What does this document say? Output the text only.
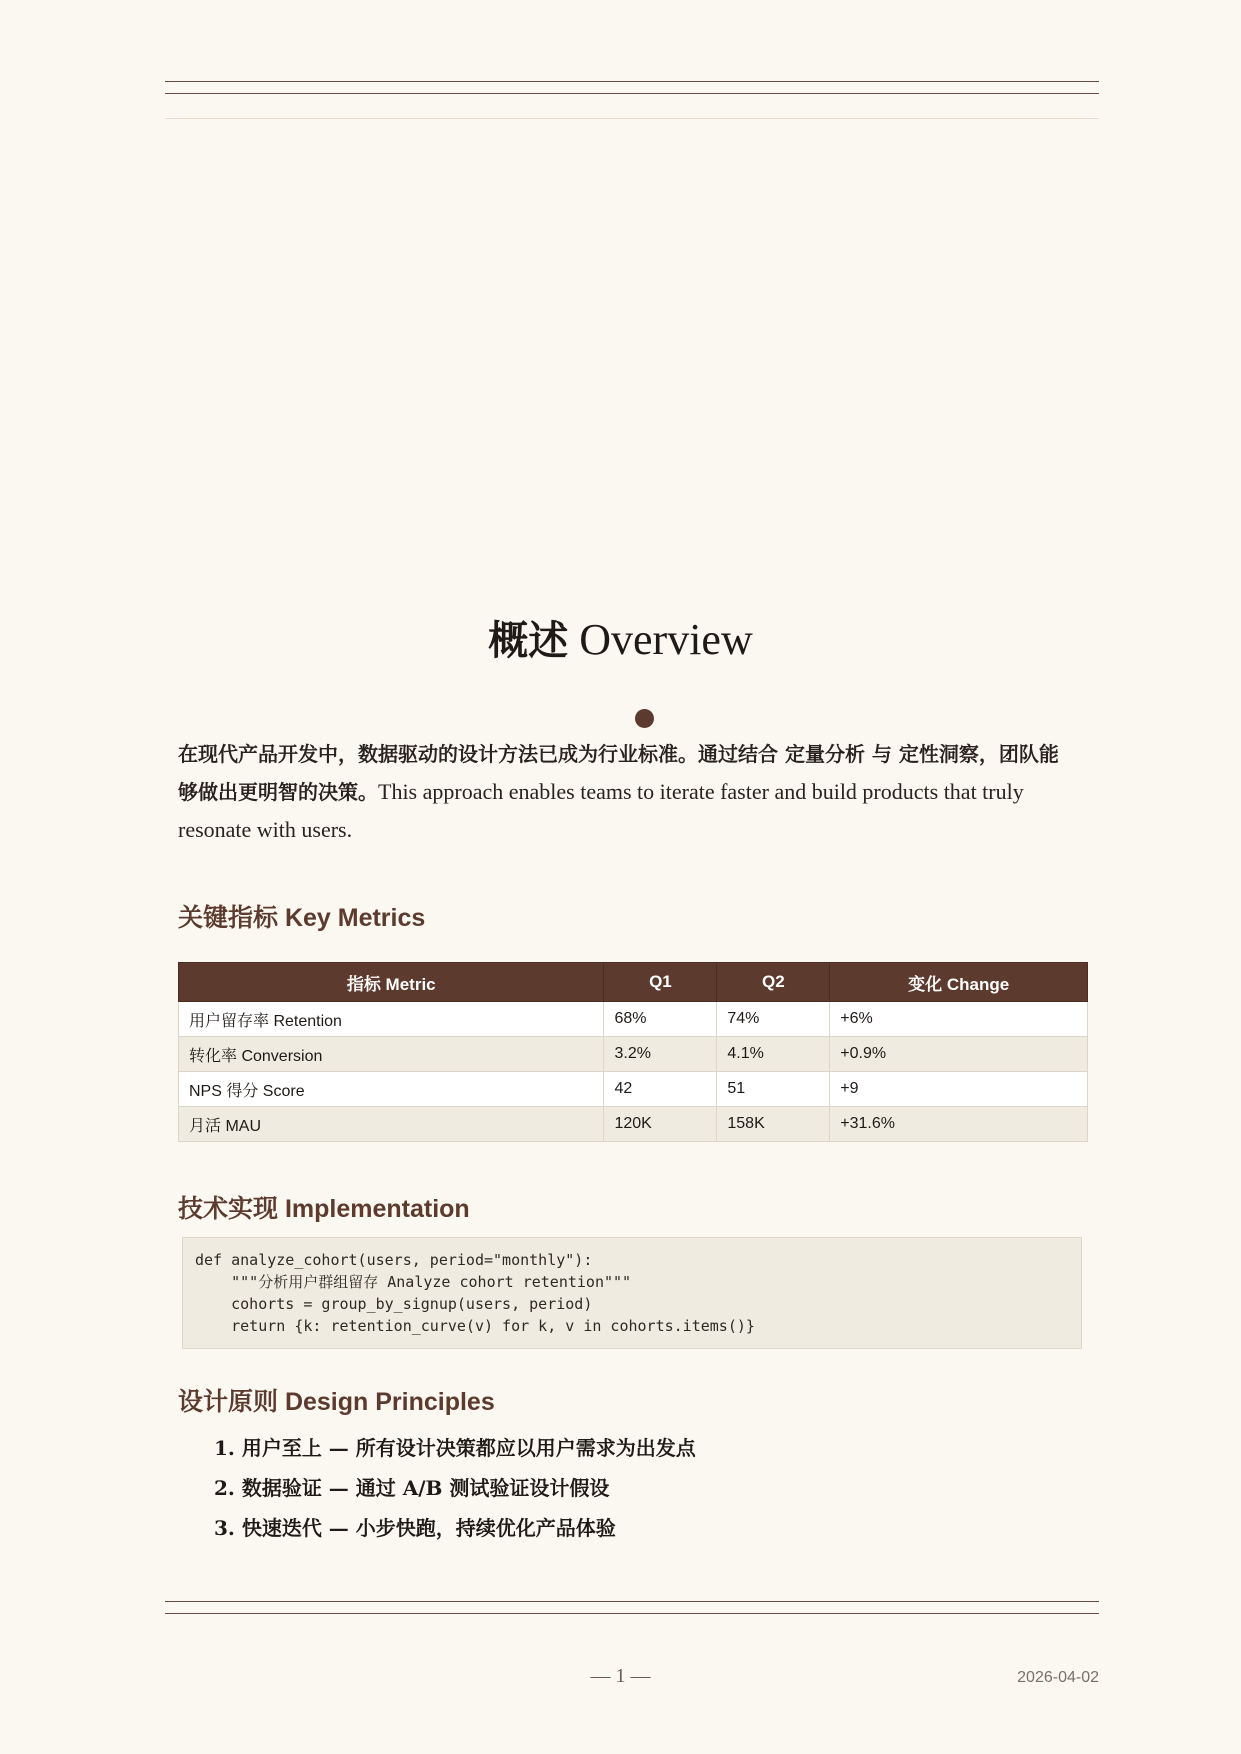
概述 Overview
在现代产品开发中，数据驱动的设计方法已成为行业标准。通过结合 定量分析 与 定性洞察，团队能够做出更明智的决策。This approach enables teams to iterate faster and build products that truly resonate with users.
关键指标 Key Metrics
指标 Metric	Q1	Q2	变化 Change
用户留存率 Retention	68%	74%	+6%
转化率 Conversion	3.2%	4.1%	+0.9%
NPS 得分 Score	42	51	+9
月活 MAU	120K	158K	+31.6%
技术实现 Implementation
def analyze_cohort(users, period="monthly"):
"""分析用户群组留存 Analyze cohort retention"""
cohorts = group_by_signup(users, period)
return {k: retention_curve(v) for k, v in cohorts.items()}
设计原则 Design Principles
1. 用户至上 — 所有设计决策都应以用户需求为出发点
2. 数据验证 — 通过 A/B 测试验证设计假设
3. 快速迭代 — 小步快跑，持续优化产品体验
— 1 —	2026-04-02
